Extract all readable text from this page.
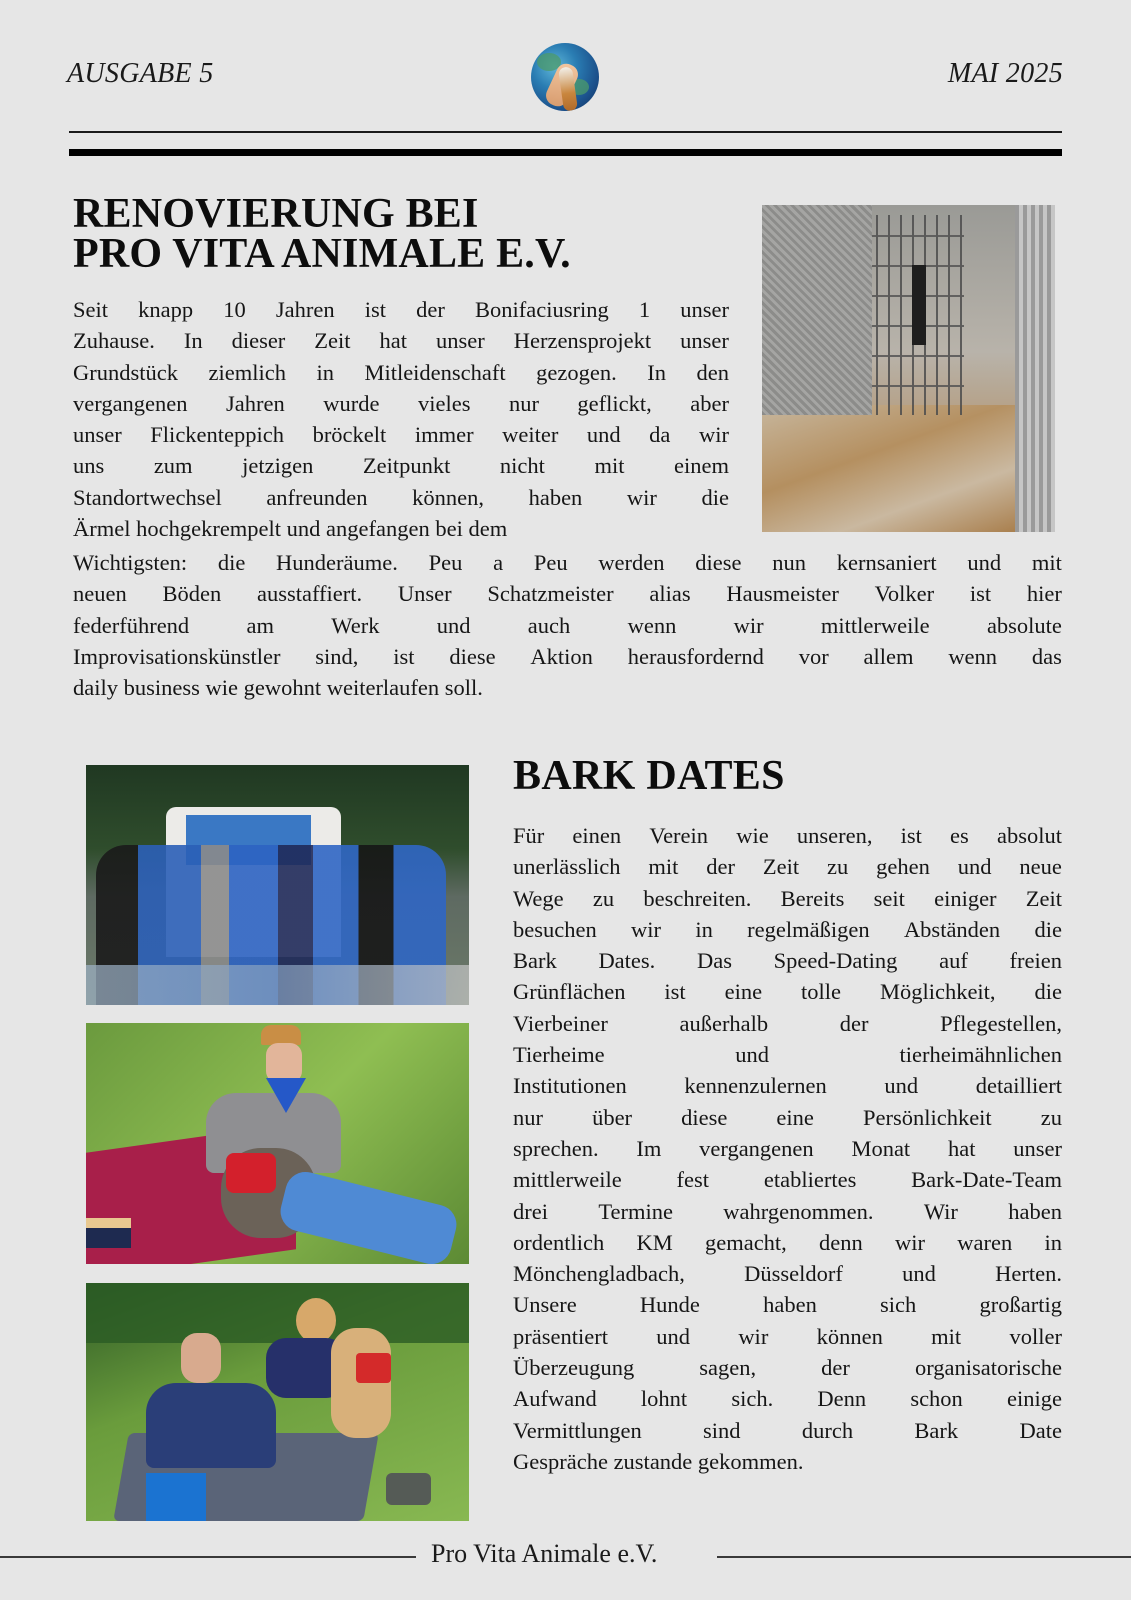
AUSGABE 5	MAI 2025
RENOVIERUNG BEI
PRO VITA ANIMALE E.V.
Seit knapp 10 Jahren ist der Bonifaciusring 1 unser
Zuhause. In dieser Zeit hat unser Herzensprojekt unser
Grundstück ziemlich in Mitleidenschaft gezogen. In den
vergangenen Jahren wurde vieles nur geflickt, aber
unser Flickenteppich bröckelt immer weiter und da wir
uns zum jetzigen Zeitpunkt nicht mit einem
Standortwechsel anfreunden können, haben wir die
Ärmel hochgekrempelt und angefangen bei dem
Wichtigsten: die Hunderäume. Peu a Peu werden diese nun kernsaniert und mit
neuen Böden ausstaffiert. Unser Schatzmeister alias Hausmeister Volker ist hier
federführend	am	Werk	und	auch	wenn	wir	mittlerweile	absolute
Improvisationskünstler sind, ist diese Aktion herausfordernd vor allem wenn das
daily business wie gewohnt weiterlaufen soll.
BARK DATES
Für einen Verein wie unseren, ist es absolut
unerlässlich mit der Zeit zu gehen und neue
Wege zu beschreiten. Bereits seit einiger Zeit
besuchen wir in regelmäßigen Abständen die
Bark Dates. Das Speed-Dating auf freien
Grünflächen ist eine tolle Möglichkeit, die
Vierbeiner	außerhalb	der	Pflegestellen,
Tierheime	und	tierheimähnlichen
Institutionen	kennenzulernen	und	detailliert
nur über diese eine Persönlichkeit zu
sprechen. Im vergangenen Monat hat unser
mittlerweile fest etabliertes Bark-Date-Team
drei Termine wahrgenommen. Wir haben
ordentlich KM gemacht, denn wir waren in
Mönchengladbach,	Düsseldorf	und	Herten.
Unsere	Hunde	haben	sich	großartig
präsentiert und wir können mit voller
Überzeugung	sagen,	der	organisatorische
Aufwand lohnt sich. Denn schon einige
Vermittlungen	sind	durch	Bark	Date
Gespräche zustande gekommen.
Pro Vita Animale e.V.
